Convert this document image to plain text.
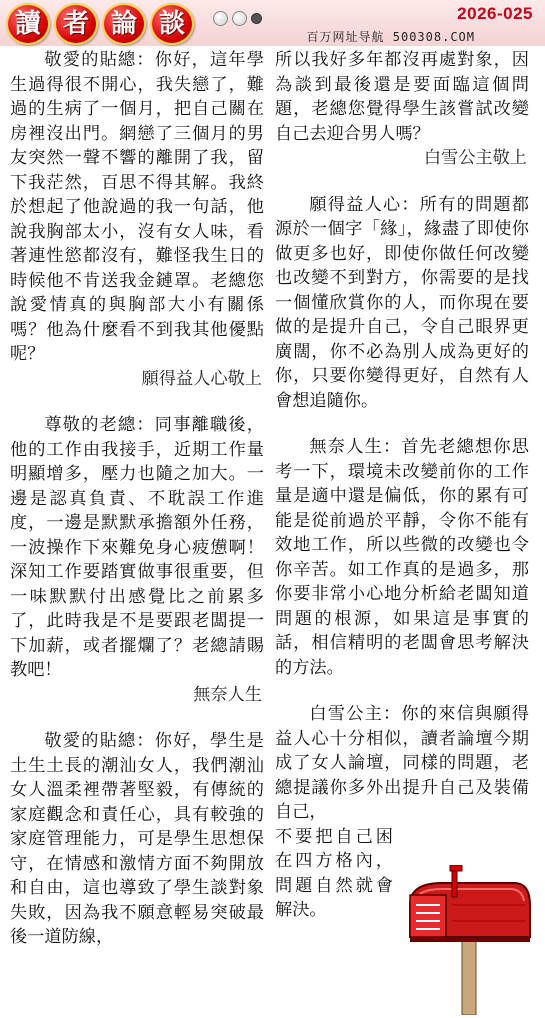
讀 者 論 談	2026-025
百万网址导航 500308.COM

敬愛的貼總：你好，這年學生過得很不開心，我失戀了，難過的生病了一個月，把自己關在房裡沒出門。網戀了三個月的男友突然一聲不響的離開了我，留下我茫然，百思不得其解。我終於想起了他說過的我一句話，他說我胸部太小，沒有女人味，看著連性慾都沒有，難怪我生日的時候他不肯送我金鏈罩。老總您說愛情真的與胸部大小有關係嗎？他為什麼看不到我其他優點呢？

願得益人心敬上

尊敬的老總：同事離職後，他的工作由我接手，近期工作量明顯增多，壓力也隨之加大。一邊是認真負責、不耽誤工作進度，一邊是默默承擔額外任務，一波操作下來難免身心疲憊啊！深知工作要踏實做事很重要，但一味默默付出感覺比之前累多了，此時我是不是要跟老闆提一下加薪，或者擺爛了？老總請賜教吧！

無奈人生

敬愛的貼總：你好，學生是土生土長的潮汕女人，我們潮汕女人溫柔裡帶著堅毅，有傳統的家庭觀念和責任心，具有較強的家庭管理能力，可是學生思想保守，在情感和激情方面不夠開放和自由，這也導致了學生談對象失敗，因為我不願意輕易突破最後一道防線，

所以我好多年都沒再處對象，因為談到最後還是要面臨這個問題，老總您覺得學生該嘗試改變自己去迎合男人嗎？

白雪公主敬上

願得益人心：所有的問題都源於一個字「緣」，緣盡了即使你做更多也好，即使你做任何改變也改變不到對方，你需要的是找一個懂欣賞你的人，而你現在要做的是提升自己，令自己眼界更廣闊，你不必為別人成為更好的你，只要你變得更好，自然有人會想追隨你。

無奈人生：首先老總想你思考一下，環境未改變前你的工作量是適中還是偏低，你的累有可能是從前過於平靜，令你不能有效地工作，所以些微的改變也令你辛苦。如工作真的是過多，那你要非常小心地分析給老闆知道問題的根源，如果這是事實的話，相信精明的老闆會思考解決的方法。

白雪公主：你的來信與願得益人心十分相似，讀者論壇今期成了女人論壇，同樣的問題，老總提議你多外出提升自己及裝備自己，

不要把自己困在四方格內，問題自然就會解決。
